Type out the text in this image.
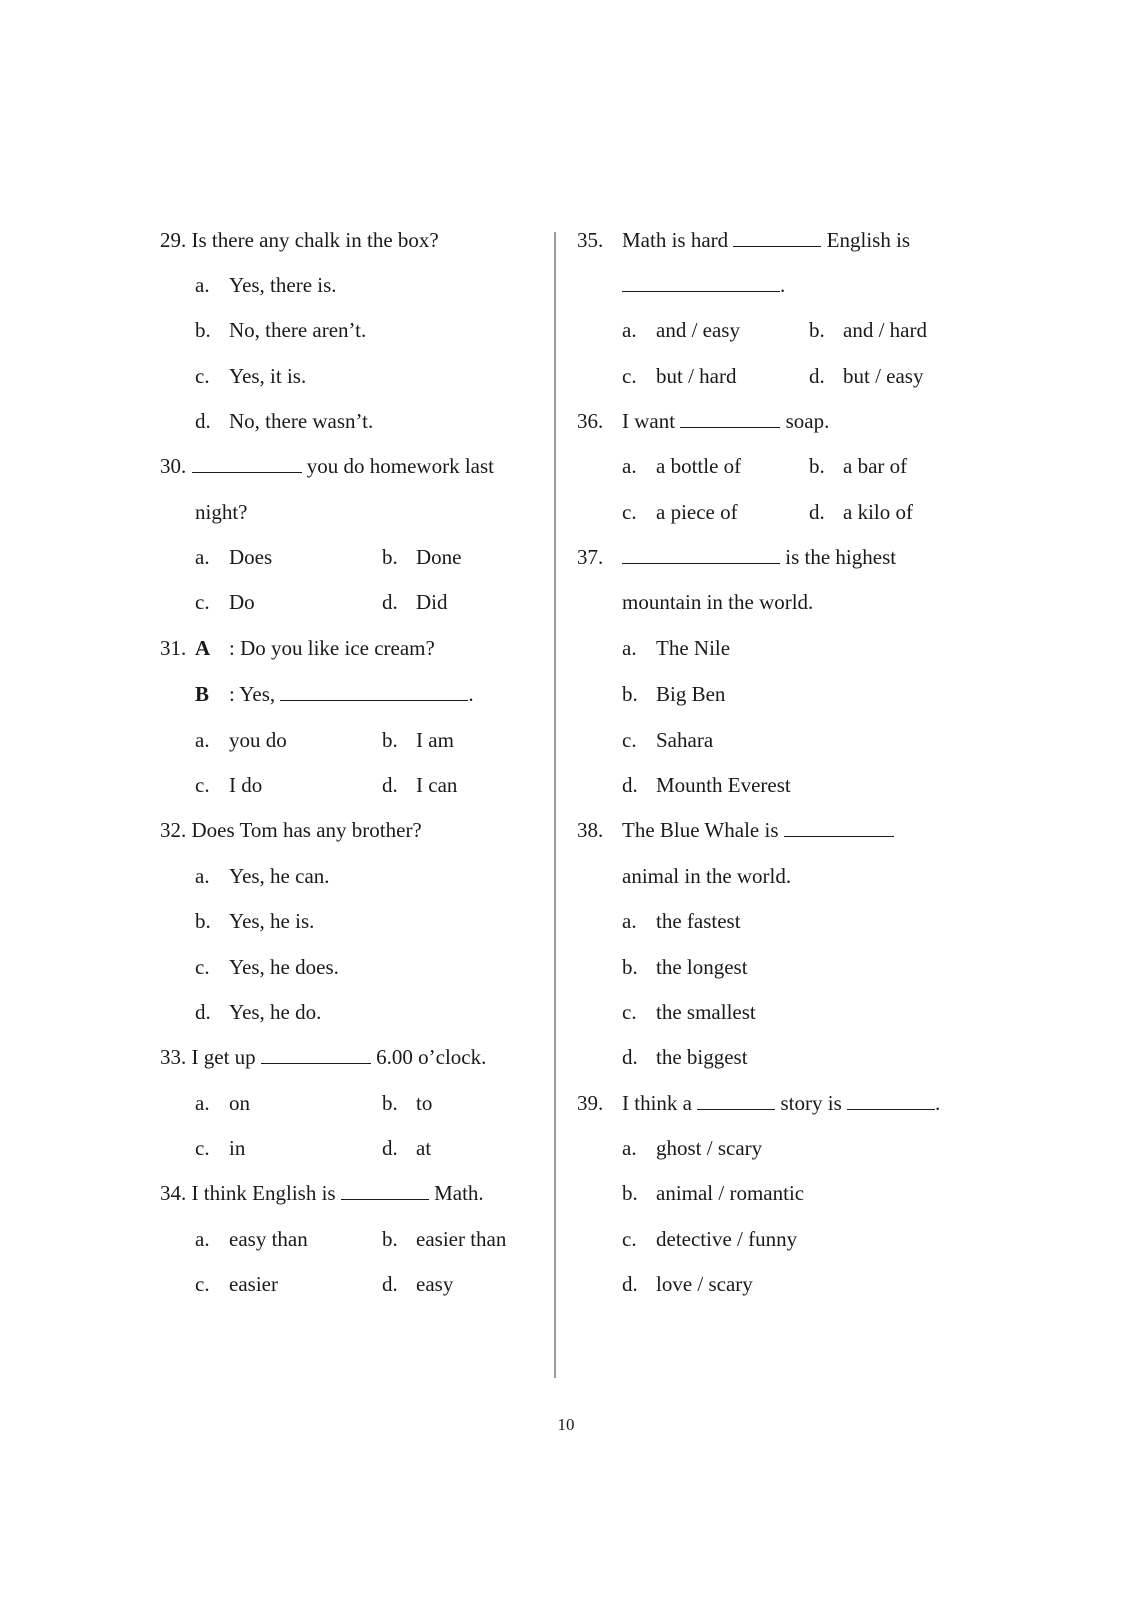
29. Is there any chalk in the box?
a. Yes, there is.
b. No, there aren’t.
c. Yes, it is.
d. No, there wasn’t.
30.	you do homework last
night?
a. Does	b. Done
c. Do	d. Did
31. A : Do you like ice cream?
B : Yes,	.
a. you do	b. I am
c. I do	d. I can
32. Does Tom has any brother?
a. Yes, he can.
b. Yes, he is.
c. Yes, he does.
d. Yes, he do.
33. I get up	6.00 o’clock.
a. on	b. to
c. in	d. at
34. I think English is	Math.
a. easy than	b. easier than
c. easier	d. easy
35. Math is hard	English is
.
a. and / easy	b. and / hard
c. but / hard	d. but / easy
36. I want	soap.
a. a bottle of	b. a bar of
c. a piece of	d. a kilo of
37.	is the highest
mountain in the world.
a. The Nile
b. Big Ben
c. Sahara
d. Mounth Everest
38. The Blue Whale is
animal in the world.
a. the fastest
b. the longest
c. the smallest
d. the biggest
39. I think a	story is	.
a. ghost / scary
b. animal / romantic
c. detective / funny
d. love / scary
10
